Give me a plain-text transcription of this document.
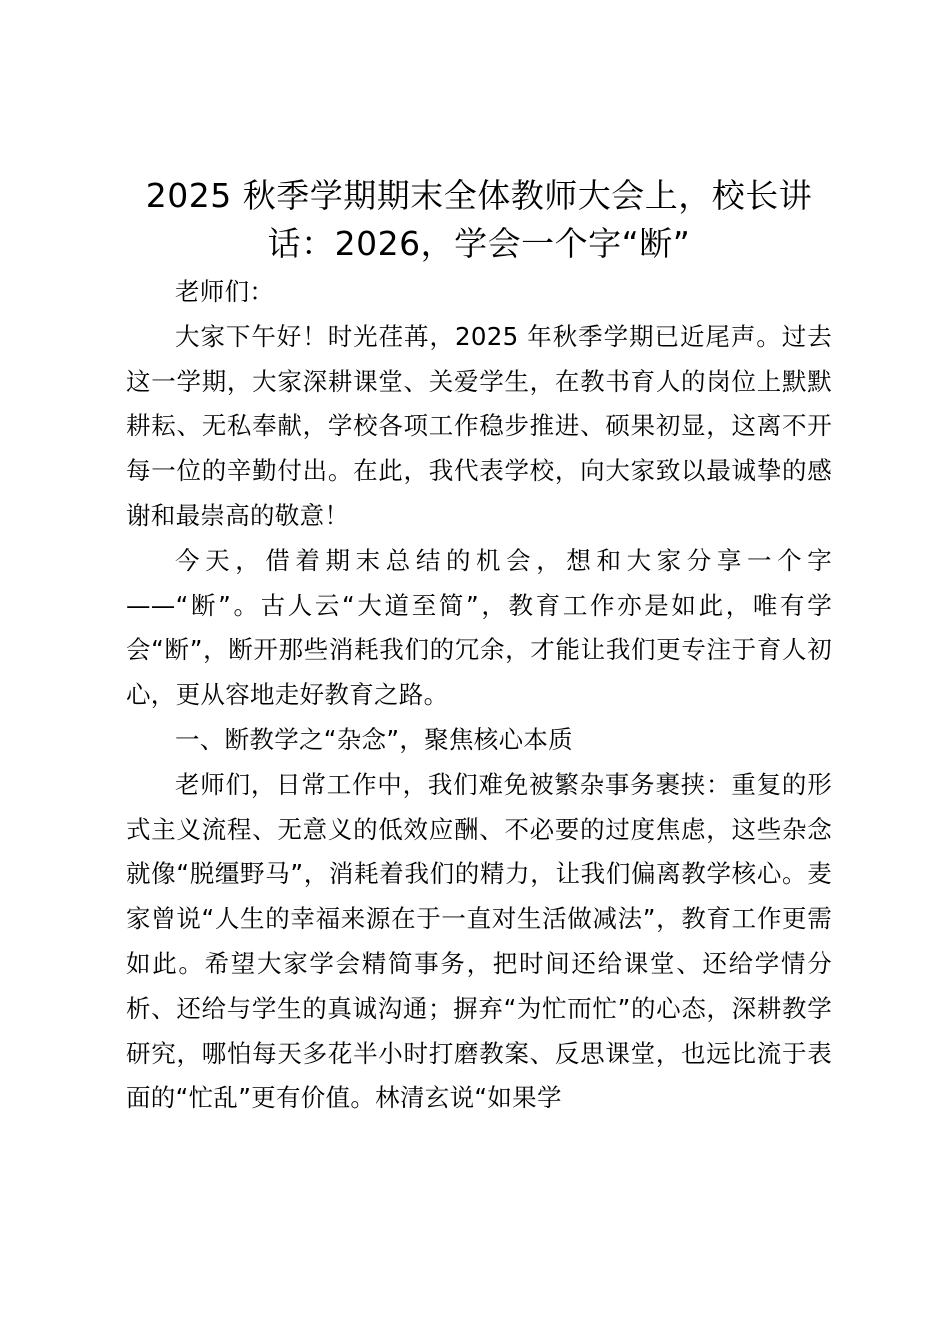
2025 秋季学期期末全体教师大会上，校长讲
话：2026，学会一个字“断”

老师们：

大家下午好！时光荏苒，2025 年秋季学期已近尾声。过去这一学期，大家深耕课堂、关爱学生，在教书育人的岗位上默默耕耘、无私奉献，学校各项工作稳步推进、硕果初显，这离不开每一位的辛勤付出。在此，我代表学校，向大家致以最诚挚的感谢和最崇高的敬意！

今天，借着期末总结的机会，想和大家分享一个字——“断”。古人云“大道至简”，教育工作亦是如此，唯有学会“断”，断开那些消耗我们的冗余，才能让我们更专注于育人初心，更从容地走好教育之路。

一、断教学之“杂念”，聚焦核心本质

老师们，日常工作中，我们难免被繁杂事务裹挟：重复的形式主义流程、无意义的低效应酬、不必要的过度焦虑，这些杂念就像“脱缰野马”，消耗着我们的精力，让我们偏离教学核心。麦家曾说“人生的幸福来源在于一直对生活做减法”，教育工作更需如此。希望大家学会精简事务，把时间还给课堂、还给学情分析、还给与学生的真诚沟通；摒弃“为忙而忙”的心态，深耕教学研究，哪怕每天多花半小时打磨教案、反思课堂，也远比流于表面的“忙乱”更有价值。林清玄说“如果学
